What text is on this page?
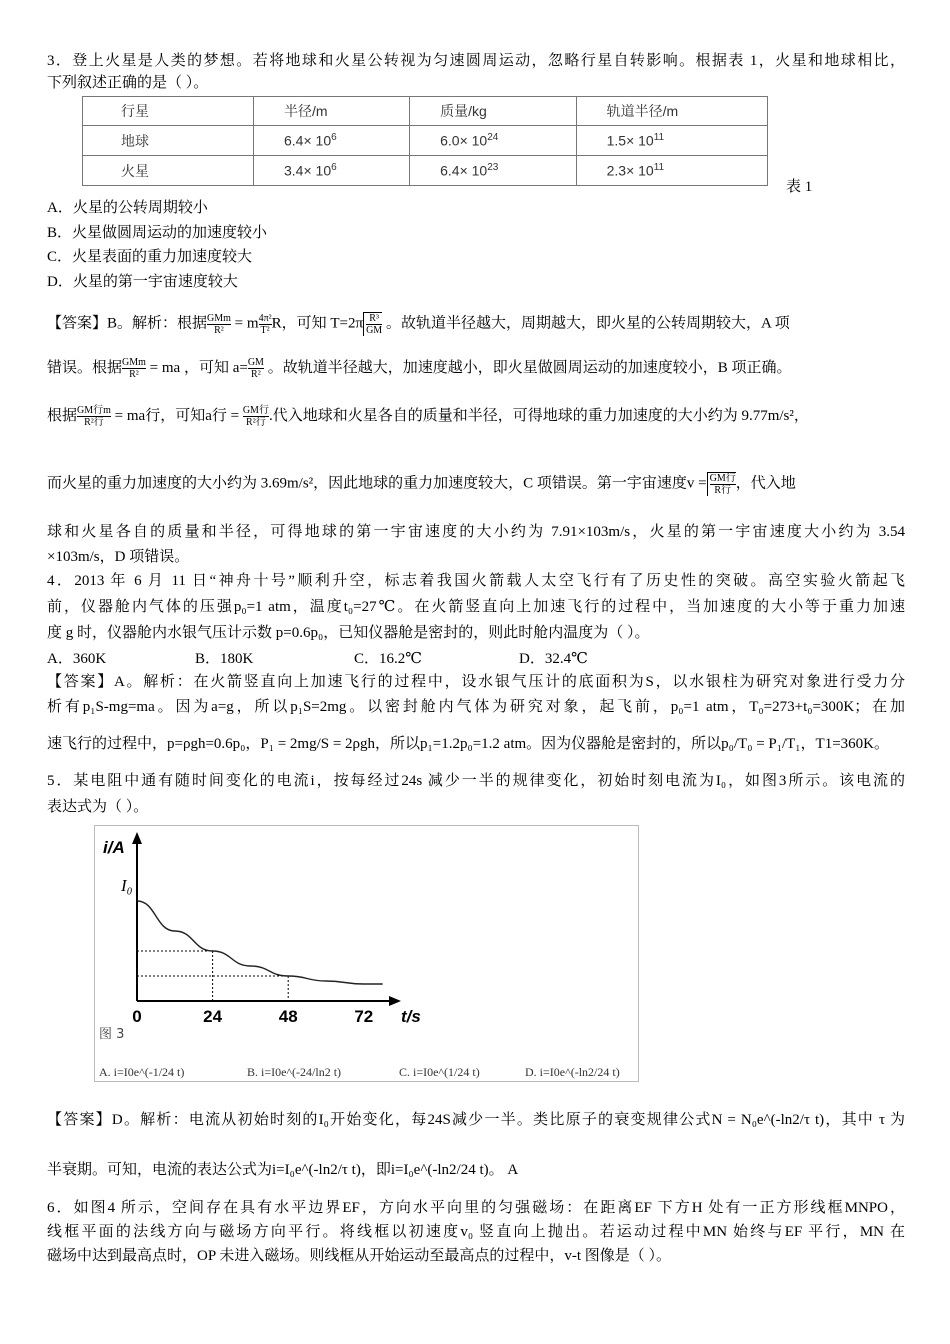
3．登上火星是人类的梦想。若将地球和火星公转视为匀速圆周运动，忽略行星自转影响。根据表 1，火星和地球相比，
下列叙述正确的是（ ）。
行星	半径/m	质量/kg	轨道半径/m
地球	$6.4\times 10^6$	$6.0\times 10^{24}$	$1.5\times 10^{11}$
火星	$3.4\times 10^6$	$6.4\times 10^{23}$	$2.3\times 10^{11}$
表 1
A．火星的公转周期较小
B．火星做圆周运动的加速度较小
C．火星表面的重力加速度较大
D．火星的第一宇宙速度较大
【答案】B。解析：根据 $\frac{\text{GMm}}{\text{R²}} = m \frac{\text{4π²}}{\text{T²}}$ R，可知 $T=2\pi \frac{\text{R³}}{GM}$ 。故轨道半径越大，周期越大，即火星的公转周期较大，A 项
错误。根据 $\frac{\text{GMm}}{\text{R²}}$ = ma ，可知 $a= \frac{GM}{\text{R²}}$ 。故轨道半径越大，加速度越小，即火星做圆周运动的加速度较小，B 项正确。
根据 $\frac{\text{GM行m}}{\text{R²行}}$ = ma行，可知a行 = $\frac{\text{GM行}}{\text{R²行}}$ .代入地球和火星各自的质量和半径，可得地球的重力加速度的大小约为 9.77m/s²，
而火星的重力加速度的大小约为 3.69m/s²，因此地球的重力加速度较大，C 项错误。第一宇宙速度$v = \frac{\text{GM行}}{\text{R行}}$ ，代入地
球和火星各自的质量和半径，可得地球的第一宇宙速度的大小约为 7.91×103m/s，火星的第一宇宙速度大小约为 3.54
×103m/s，D 项错误。
4．2013 年 6 月 11 日“神舟十号”顺利升空，标志着我国火箭载人太空飞行有了历史性的突破。高空实验火箭起飞
前，仪器舱内气体的压强p₀=1 atm，温度t₀=27℃。在火箭竖直向上加速飞行的过程中，当加速度的大小等于重力加速
度 g 时，仪器舱内水银气压计示数 p=0.6p₀，已知仪器舱是密封的，则此时舱内温度为（ ）。
A．360K	B．180K	C．16.2℃	D．32.4℃
【答案】A。解析：在火箭竖直向上加速飞行的过程中，设水银气压计的底面积为S，以水银柱为研究对象进行受力分
析有p₁S-mg=ma。因为a=g，所以p₁S=2mg。以密封舱内气体为研究对象，起飞前，p₀=1 atm，T₀=273+t₀=300K；在加
速飞行的过程中，p=ρgh=0.6p₀，P₁ = 2mg/S = 2ρgh，所以p₁=1.2p₀=1.2 atm。因为仪器舱是密封的，所以p₀/T₀ = P₁/T₁，T1=360K。
5．某电阻中通有随时间变化的电流i，按每经过24s 减少一半的规律变化，初始时刻电流为I₀，如图3所示。该电流的
表达式为（ ）。
i/A
I₀
t/s
0	24	48	72
图 3
A. i=I0e^(-1/24 t)	B. i=I0e^(-24/ln2 t)	C. i=I0e^(1/24 t)	D. i=I0e^(-ln2/24 t)
【答案】D。解析：电流从初始时刻的I₀开始变化，每24S减少一半。类比原子的衰变规律公式N = N₀e^(-ln2/τ t)，其中 τ 为
半衰期。可知，电流的表达公式为i=I₀e^(-ln2/τ t)，即i=I₀e^(-ln2/24 t)。 A
6．如图4 所示，空间存在具有水平边界EF，方向水平向里的匀强磁场：在距离EF 下方H 处有一正方形线框MNPO，
线框平面的法线方向与磁场方向平行。将线框以初速度v₀ 竖直向上抛出。若运动过程中MN 始终与EF 平行，MN 在
磁场中达到最高点时，OP 未进入磁场。则线框从开始运动至最高点的过程中，v-t 图像是（ ）。
